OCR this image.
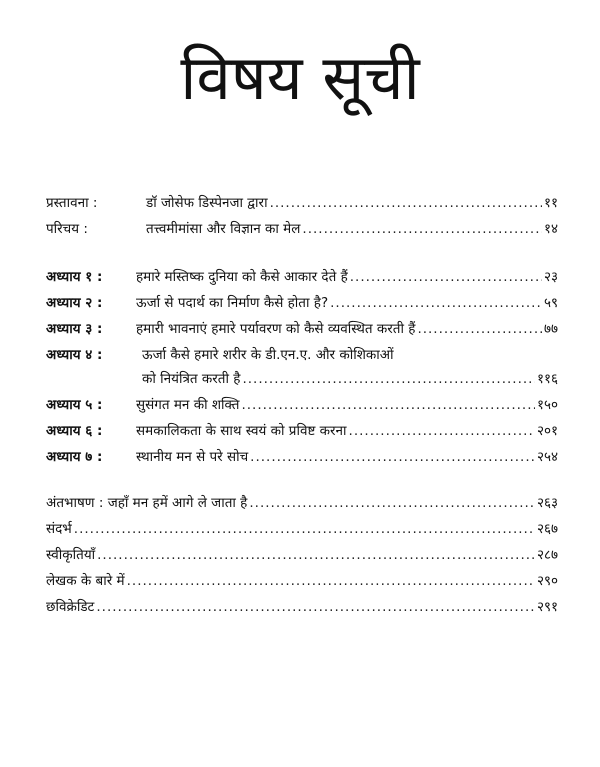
विषय सूची
प्रस्तावना :	डॉ जोसेफ डिस्पेनजा द्वारा .....	११
परिचय :	तत्त्वमीमांसा और विज्ञान का मेल .....	१४
अध्याय १ :	हमारे मस्तिष्क दुनिया को कैसे आकार देते हैं .....	२३
अध्याय २ :	ऊर्जा से पदार्थ का निर्माण कैसे होता है? .....	५९
अध्याय ३ :	हमारी भावनाएं हमारे पर्यावरण को कैसे व्यवस्थित करती हैं .....	७७
अध्याय ४ :	ऊर्जा कैसे हमारे शरीर के डी.एन.ए. और कोशिकाओं
को नियंत्रित करती है .....	११६
अध्याय ५ :	सुसंगत मन की शक्ति .....	१५०
अध्याय ६ :	समकालिकता के साथ स्वयं को प्रविष्ट करना .....	२०१
अध्याय ७ :	स्थानीय मन से परे सोच .....	२५४
अंतभाषण : जहाँ मन हमें आगे ले जाता है .....	२६३
संदर्भ .....	२६७
स्वीकृतियाँ .....	२८७
लेखक के बारे में .....	२९०
छविक्रेडिट .....	२९१
